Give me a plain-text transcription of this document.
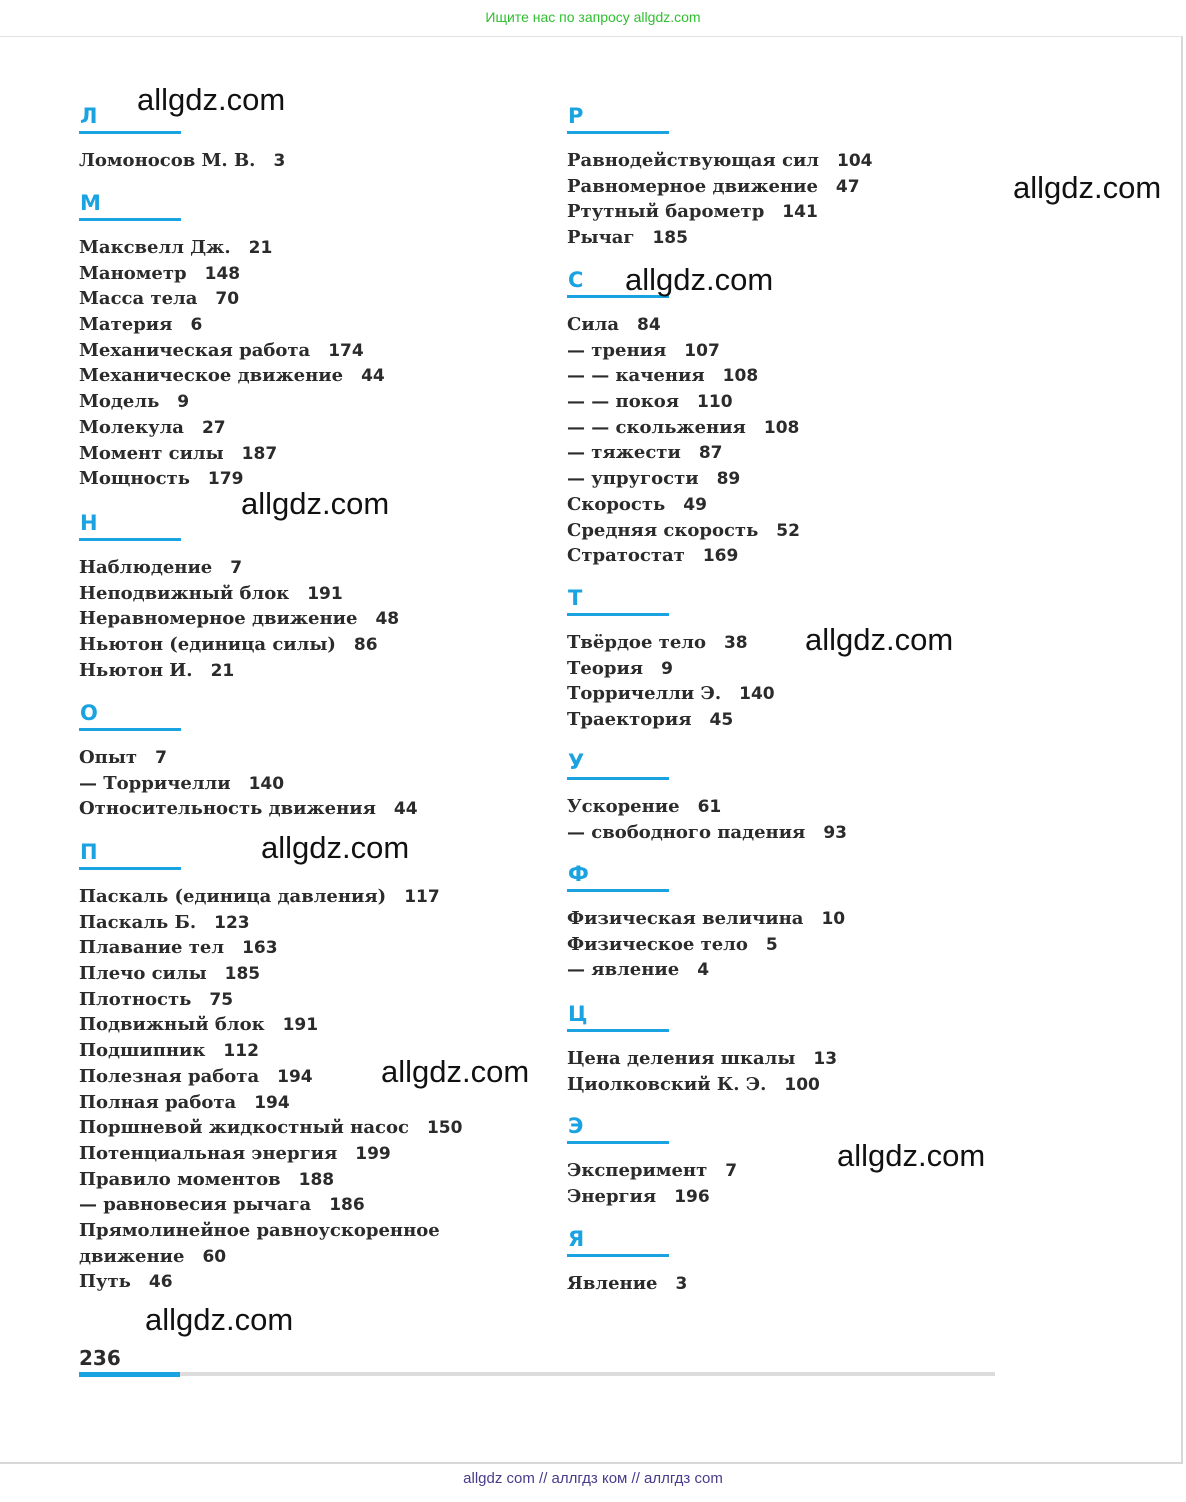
Ищите нас по запросу allgdz.com
Л
Ломоносов М. В. 3
М
Максвелл Дж. 21
Манометр 148
Масса тела 70
Материя 6
Механическая работа 174
Механическое движение 44
Модель 9
Молекула 27
Момент силы 187
Мощность 179
Н
Наблюдение 7
Неподвижный блок 191
Неравномерное движение 48
Ньютон (единица силы) 86
Ньютон И. 21
О
Опыт 7
— Торричелли 140
Относительность движения 44
П
Паскаль (единица давления) 117
Паскаль Б. 123
Плавание тел 163
Плечо силы 185
Плотность 75
Подвижный блок 191
Подшипник 112
Полезная работа 194
Полная работа 194
Поршневой жидкостный насос 150
Потенциальная энергия 199
Правило моментов 188
— равновесия рычага 186
Прямолинейное равноускоренное
движение 60
Путь 46
Р
Равнодействующая сил 104
Равномерное движение 47
Ртутный барометр 141
Рычаг 185
С
Сила 84
— трения 107
— — качения 108
— — покоя 110
— — скольжения 108
— тяжести 87
— упругости 89
Скорость 49
Средняя скорость 52
Стратостат 169
Т
Твёрдое тело 38
Теория 9
Торричелли Э. 140
Траектория 45
У
Ускорение 61
— свободного падения 93
Ф
Физическая величина 10
Физическое тело 5
— явление 4
Ц
Цена деления шкалы 13
Циолковский К. Э. 100
Э
Эксперимент 7
Энергия 196
Я
Явление 3
allgdz.com
allgdz.com
allgdz.com
allgdz.com
allgdz.com
allgdz.com
allgdz.com
allgdz.com
allgdz.com
236
allgdz com // аллгдз ком // аллгдз com
